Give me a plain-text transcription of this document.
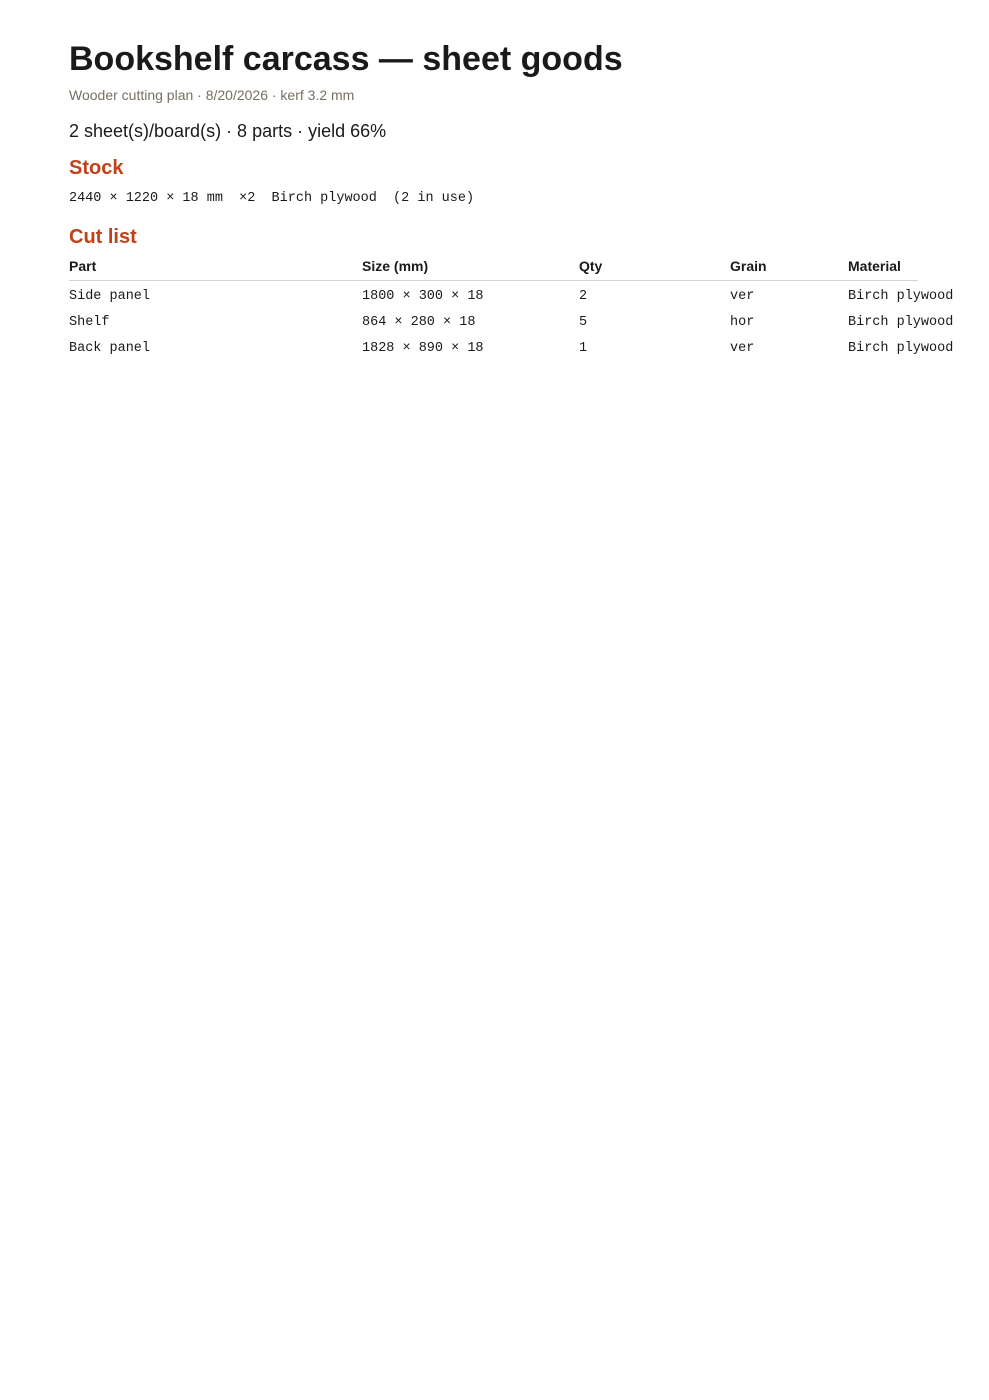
Bookshelf carcass — sheet goods
Wooder cutting plan · 8/20/2026 · kerf 3.2 mm
2 sheet(s)/board(s) · 8 parts · yield 66%
Stock
2440 × 1220 × 18 mm  ×2  Birch plywood  (2 in use)
Cut list
Part	Size (mm)	Qty	Grain	Material
Side panel	1800 × 300 × 18	2	ver	Birch plywood
Shelf	864 × 280 × 18	5	hor	Birch plywood
Back panel	1828 × 890 × 18	1	ver	Birch plywood
